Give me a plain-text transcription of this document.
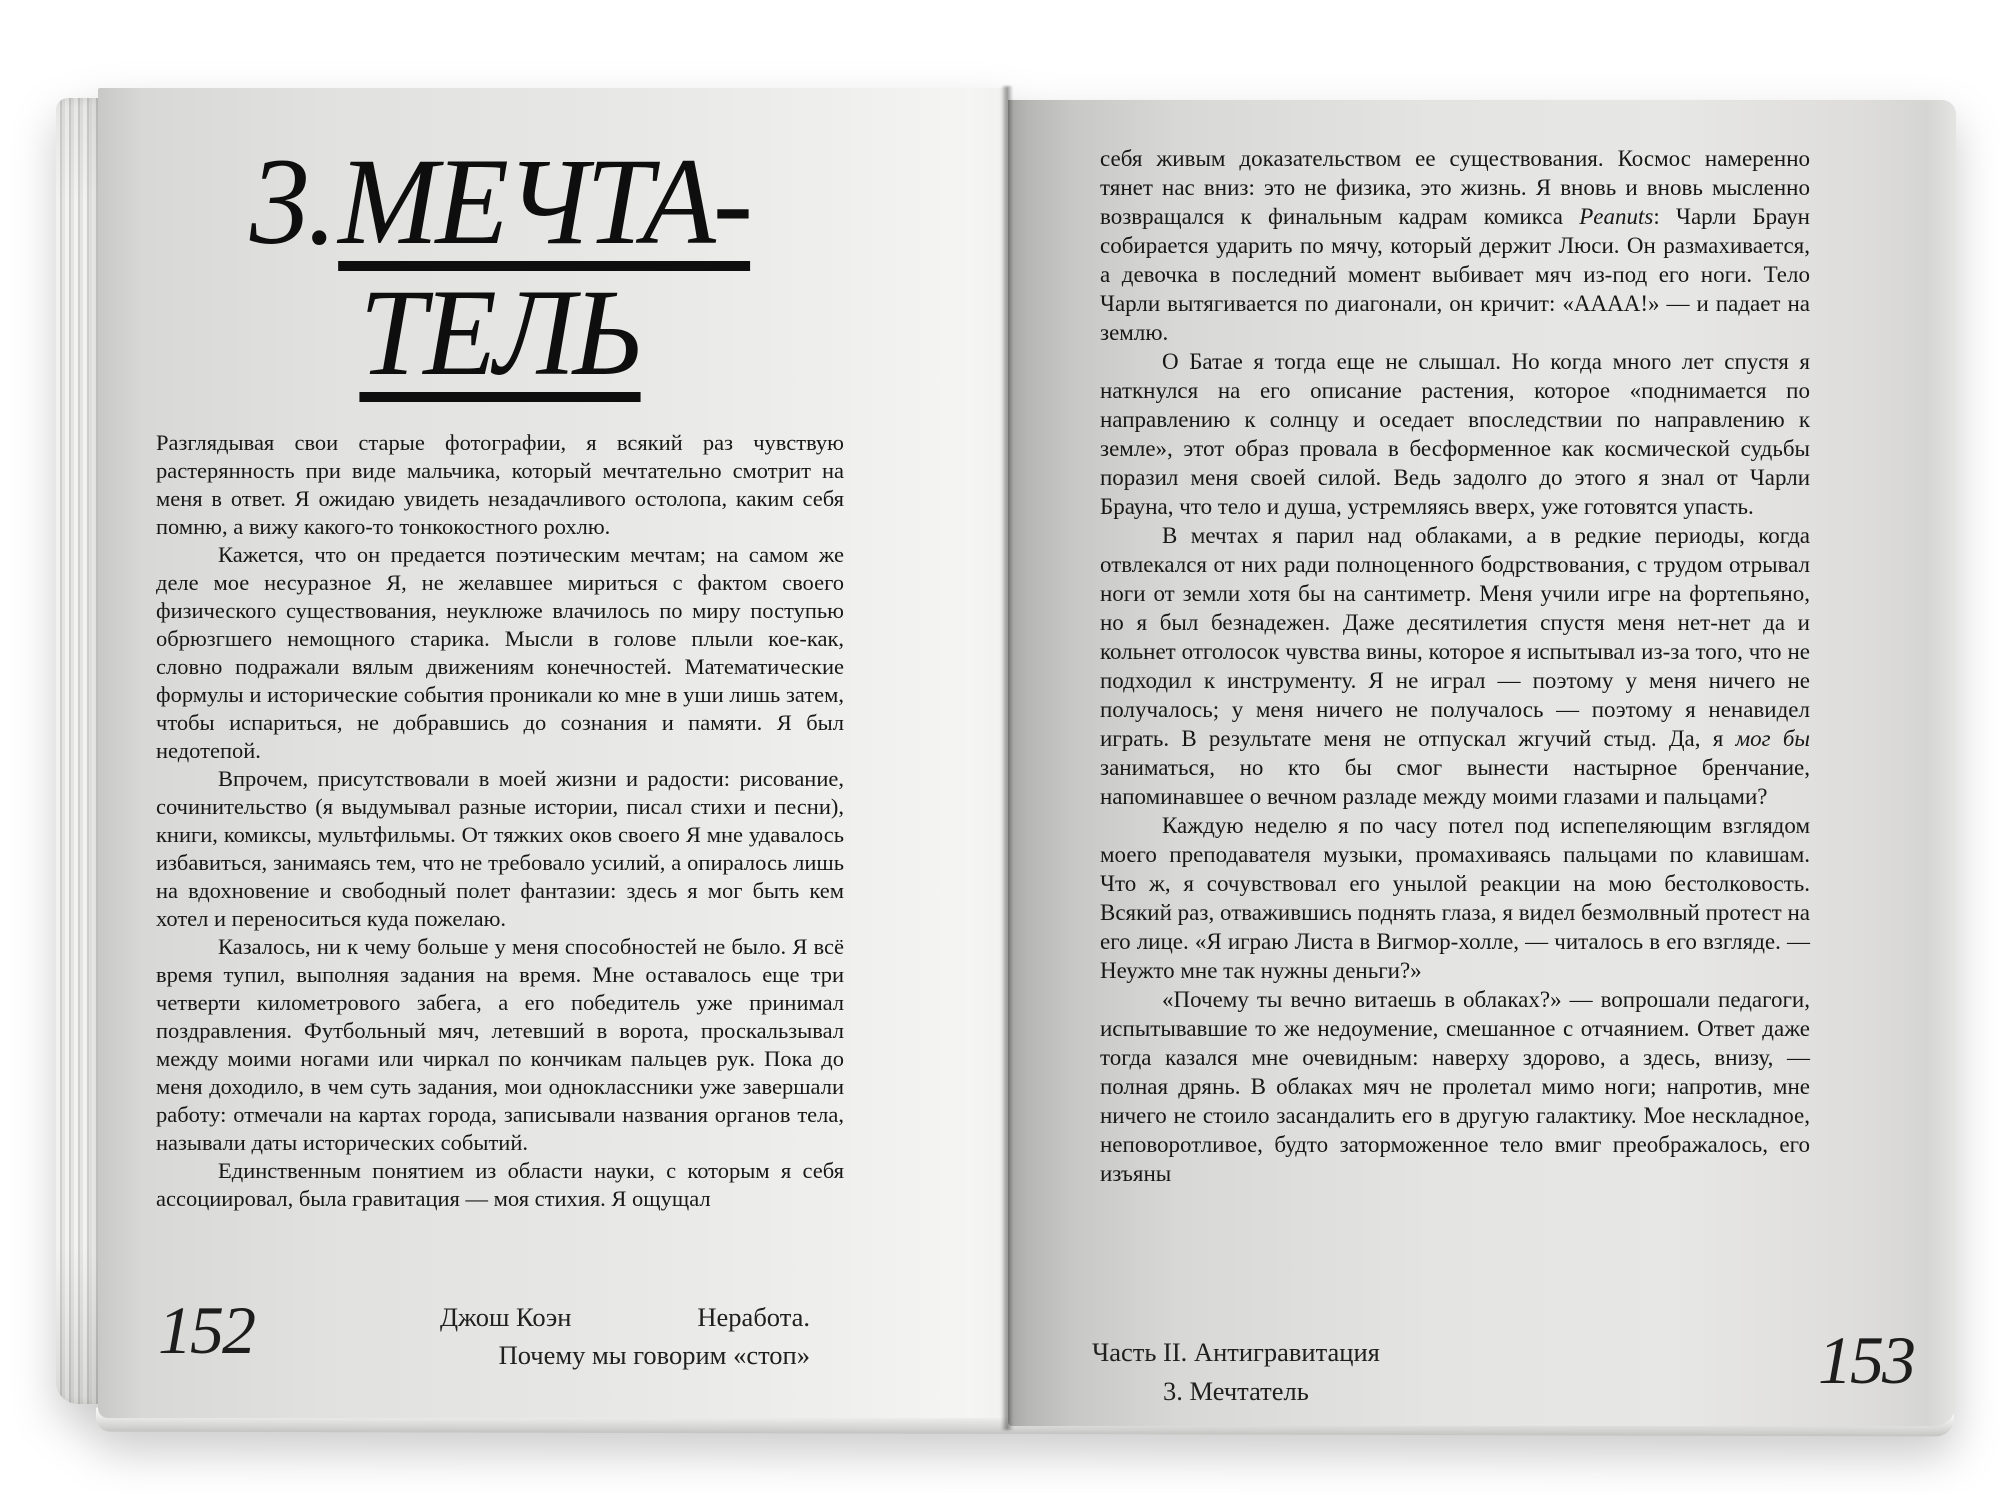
3.МЕЧТА-
ТЕЛЬ

Разглядывая свои старые фотографии, я всякий раз чувствую растерянность при виде мальчика, который мечтательно смотрит на меня в ответ. Я ожидаю увидеть незадачливого остолопа, каким себя помню, а вижу какого-то тонкокостного рохлю.

Кажется, что он предается поэтическим мечтам; на самом же деле мое несуразное Я, не желавшее мириться с фактом своего физического существования, неуклюже влачилось по миру поступью обрюзгшего немощного старика. Мысли в голове плыли кое-как, словно подражали вялым движениям конечностей. Математические формулы и исторические события проникали ко мне в уши лишь затем, чтобы испариться, не добравшись до сознания и памяти. Я был недотепой.

Впрочем, присутствовали в моей жизни и радости: рисование, сочинительство (я выдумывал разные истории, писал стихи и песни), книги, комиксы, мультфильмы. От тяжких оков своего Я мне удавалось избавиться, занимаясь тем, что не требовало усилий, а опиралось лишь на вдохновение и свободный полет фантазии: здесь я мог быть кем хотел и переноситься куда пожелаю.

Казалось, ни к чему больше у меня способностей не было. Я всё время тупил, выполняя задания на время. Мне оставалось еще три четверти километрового забега, а его победитель уже принимал поздравления. Футбольный мяч, летевший в ворота, проскальзывал между моими ногами или чиркал по кончикам пальцев рук. Пока до меня доходило, в чем суть задания, мои одноклассники уже завершали работу: отмечали на картах города, записывали названия органов тела, называли даты исторических событий.

Единственным понятием из области науки, с которым я себя ассоциировал, была гравитация — моя стихия. Я ощущал

152	Джош Коэн	Неработа.
Почему мы говорим «стоп»

себя живым доказательством ее существования. Космос намеренно тянет нас вниз: это не физика, это жизнь. Я вновь и вновь мысленно возвращался к финальным кадрам комикса Peanuts: Чарли Браун собирается ударить по мячу, который держит Люси. Он размахивается, а девочка в последний момент выбивает мяч из-под его ноги. Тело Чарли вытягивается по диагонали, он кричит: «АААА!» — и падает на землю.

О Батае я тогда еще не слышал. Но когда много лет спустя я наткнулся на его описание растения, которое «поднимается по направлению к солнцу и оседает впоследствии по направлению к земле», этот образ провала в бесформенное как космической судьбы поразил меня своей силой. Ведь задолго до этого я знал от Чарли Брауна, что тело и душа, устремляясь вверх, уже готовятся упасть.

В мечтах я парил над облаками, а в редкие периоды, когда отвлекался от них ради полноценного бодрствования, с трудом отрывал ноги от земли хотя бы на сантиметр. Меня учили игре на фортепьяно, но я был безнадежен. Даже десятилетия спустя меня нет-нет да и кольнет отголосок чувства вины, которое я испытывал из-за того, что не подходил к инструменту. Я не играл — поэтому у меня ничего не получалось; у меня ничего не получалось — поэтому я ненавидел играть. В результате меня не отпускал жгучий стыд. Да, я мог бы заниматься, но кто бы смог вынести настырное бренчание, напоминавшее о вечном разладе между моими глазами и пальцами?

Каждую неделю я по часу потел под испепеляющим взглядом моего преподавателя музыки, промахиваясь пальцами по клавишам. Что ж, я сочувствовал его унылой реакции на мою бестолковость. Всякий раз, отважившись поднять глаза, я видел безмолвный протест на его лице. «Я играю Листа в Вигмор-холле, — читалось в его взгляде. — Неужто мне так нужны деньги?»

«Почему ты вечно витаешь в облаках?» — вопрошали педагоги, испытывавшие то же недоумение, смешанное с отчаянием. Ответ даже тогда казался мне очевидным: наверху здорово, а здесь, внизу, — полная дрянь. В облаках мяч не пролетал мимо ноги; напротив, мне ничего не стоило засандалить его в другую галактику. Мое нескладное, неповоротливое, будто заторможенное тело вмиг преображалось, его изъяны

Часть II. Антигравитация
3. Мечтатель	153
